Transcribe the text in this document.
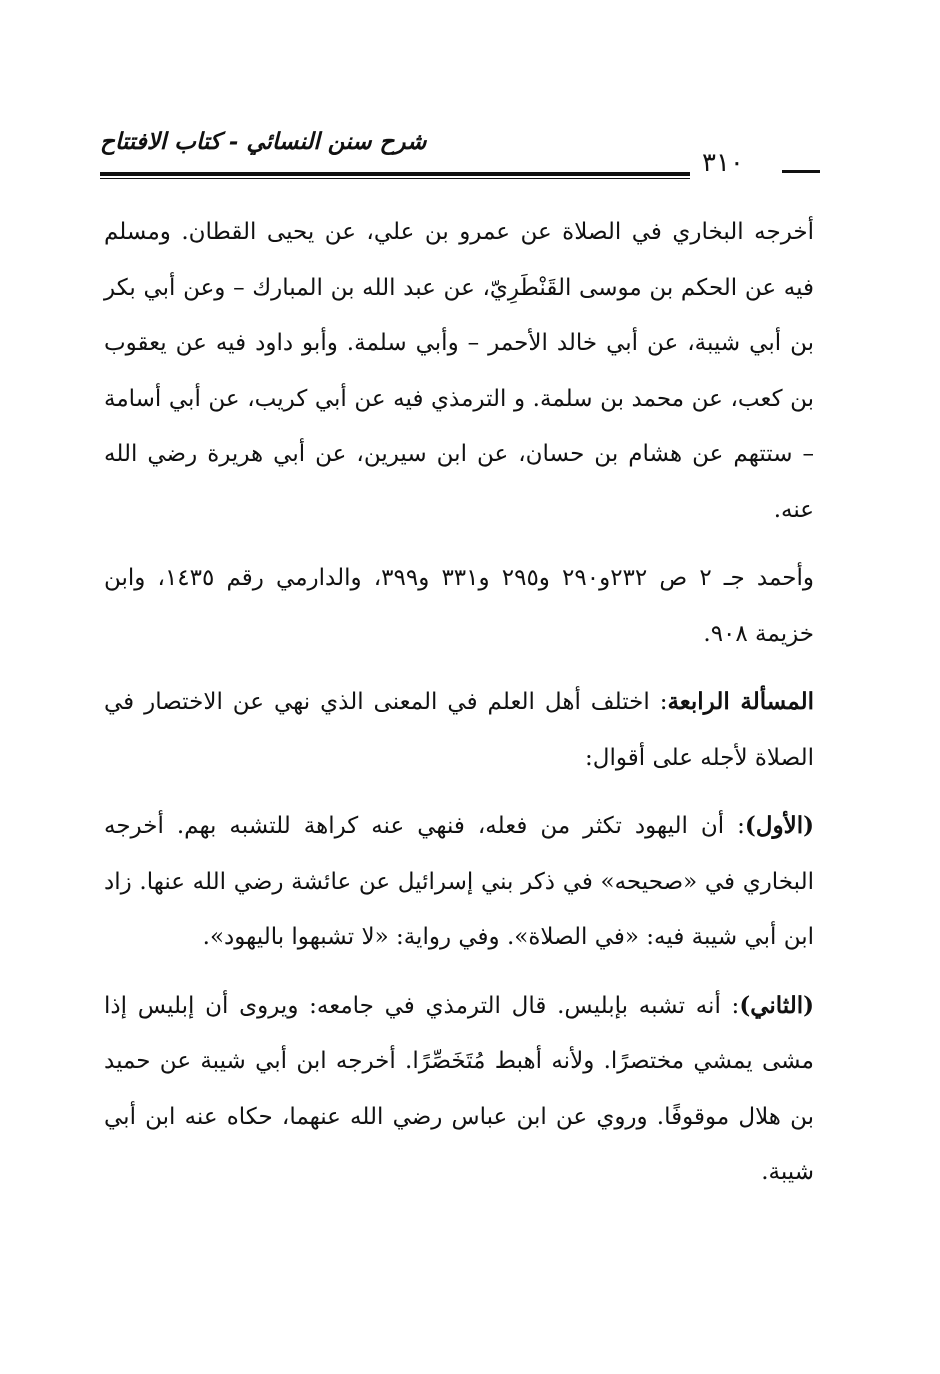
شرح سنن النسائي - كتاب الافتتاح
٣١٠

أخرجه البخاري في الصلاة عن عمرو بن علي، عن يحيى القطان. ومسلم فيه عن الحكم بن موسى القَنْطَرِيّ، عن عبد الله بن المبارك – وعن أبي بكر بن أبي شيبة، عن أبي خالد الأحمر – وأبي سلمة. وأبو داود فيه عن يعقوب بن كعب، عن محمد بن سلمة. و الترمذي فيه عن أبي كريب، عن أبي أسامة – ستتهم عن هشام بن حسان، عن ابن سيرين، عن أبي هريرة رضي الله عنه.

وأحمد جـ ٢ ص ٢٣٢و٢٩٠ و٢٩٥ و٣٣١ و٣٩٩، والدارمي رقم ١٤٣٥، وابن خزيمة ٩٠٨.

المسألة الرابعة: اختلف أهل العلم في المعنى الذي نهي عن الاختصار في الصلاة لأجله على أقوال:

(الأول): أن اليهود تكثر من فعله، فنهي عنه كراهة للتشبه بهم. أخرجه البخاري في «صحيحه» في ذكر بني إسرائيل عن عائشة رضي الله عنها. زاد ابن أبي شيبة فيه: «في الصلاة». وفي رواية: «لا تشبهوا باليهود».

(الثاني): أنه تشبه بإبليس. قال الترمذي في جامعه: ويروى أن إبليس إذا مشى يمشي مختصرًا. ولأنه أهبط مُتَخَصِّرًا. أخرجه ابن أبي شيبة عن حميد بن هلال موقوفًا. وروي عن ابن عباس رضي الله عنهما، حكاه عنه ابن أبي شيبة.
